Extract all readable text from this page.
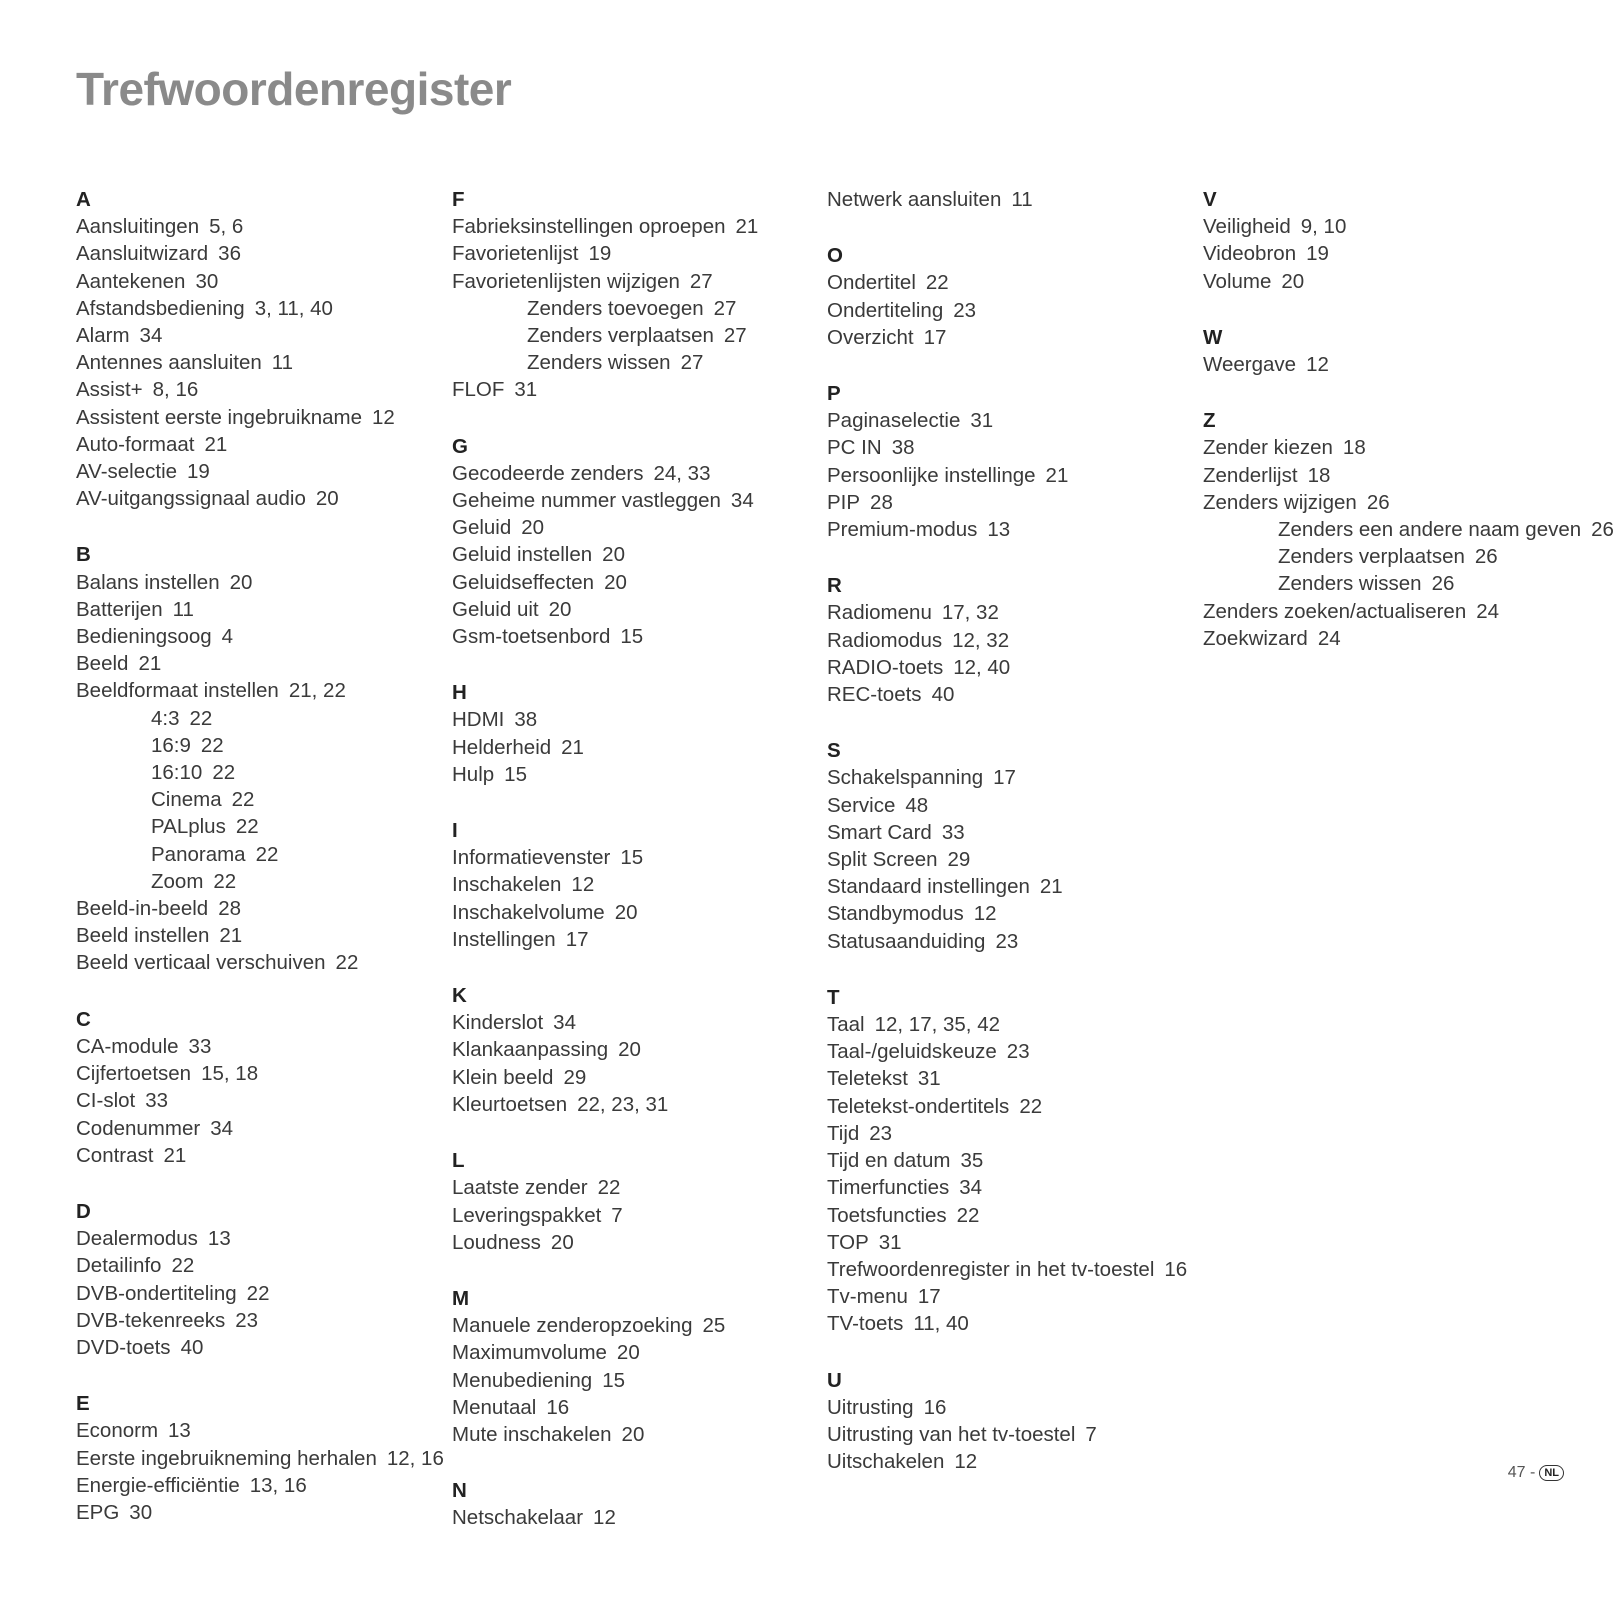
Trefwoordenregister
A
Aansluitingen 5, 6
Aansluitwizard 36
Aantekenen 30
Afstandsbediening 3, 11, 40
Alarm 34
Antennes aansluiten 11
Assist+ 8, 16
Assistent eerste ingebruikname 12
Auto-formaat 21
AV-selectie 19
AV-uitgangssignaal audio 20
B
Balans instellen 20
Batterijen 11
Bedieningsoog 4
Beeld 21
Beeldformaat instellen 21, 22
4:3 22
16:9 22
16:10 22
Cinema 22
PALplus 22
Panorama 22
Zoom 22
Beeld-in-beeld 28
Beeld instellen 21
Beeld verticaal verschuiven 22
C
CA-module 33
Cijfertoetsen 15, 18
CI-slot 33
Codenummer 34
Contrast 21
D
Dealermodus 13
Detailinfo 22
DVB-ondertiteling 22
DVB-tekenreeks 23
DVD-toets 40
E
Econorm 13
Eerste ingebruikneming herhalen 12, 16
Energie-efficiëntie 13, 16
EPG 30
F
Fabrieksinstellingen oproepen 21
Favorietenlijst 19
Favorietenlijsten wijzigen 27
Zenders toevoegen 27
Zenders verplaatsen 27
Zenders wissen 27
FLOF 31
G
Gecodeerde zenders 24, 33
Geheime nummer vastleggen 34
Geluid 20
Geluid instellen 20
Geluidseffecten 20
Geluid uit 20
Gsm-toetsenbord 15
H
HDMI 38
Helderheid 21
Hulp 15
I
Informatievenster 15
Inschakelen 12
Inschakelvolume 20
Instellingen 17
K
Kinderslot 34
Klankaanpassing 20
Klein beeld 29
Kleurtoetsen 22, 23, 31
L
Laatste zender 22
Leveringspakket 7
Loudness 20
M
Manuele zenderopzoeking 25
Maximumvolume 20
Menubediening 15
Menutaal 16
Mute inschakelen 20
N
Netschakelaar 12
Netwerk aansluiten 11
O
Ondertitel 22
Ondertiteling 23
Overzicht 17
P
Paginaselectie 31
PC IN 38
Persoonlijke instellinge 21
PIP 28
Premium-modus 13
R
Radiomenu 17, 32
Radiomodus 12, 32
RADIO-toets 12, 40
REC-toets 40
S
Schakelspanning 17
Service 48
Smart Card 33
Split Screen 29
Standaard instellingen 21
Standbymodus 12
Statusaanduiding 23
T
Taal 12, 17, 35, 42
Taal-/geluidskeuze 23
Teletekst 31
Teletekst-ondertitels 22
Tijd 23
Tijd en datum 35
Timerfuncties 34
Toetsfuncties 22
TOP 31
Trefwoordenregister in het tv-toestel 16
Tv-menu 17
TV-toets 11, 40
U
Uitrusting 16
Uitrusting van het tv-toestel 7
Uitschakelen 12
V
Veiligheid 9, 10
Videobron 19
Volume 20
W
Weergave 12
Z
Zender kiezen 18
Zenderlijst 18
Zenders wijzigen 26
Zenders een andere naam geven 26
Zenders verplaatsen 26
Zenders wissen 26
Zenders zoeken/actualiseren 24
Zoekwizard 24
47 - NL
